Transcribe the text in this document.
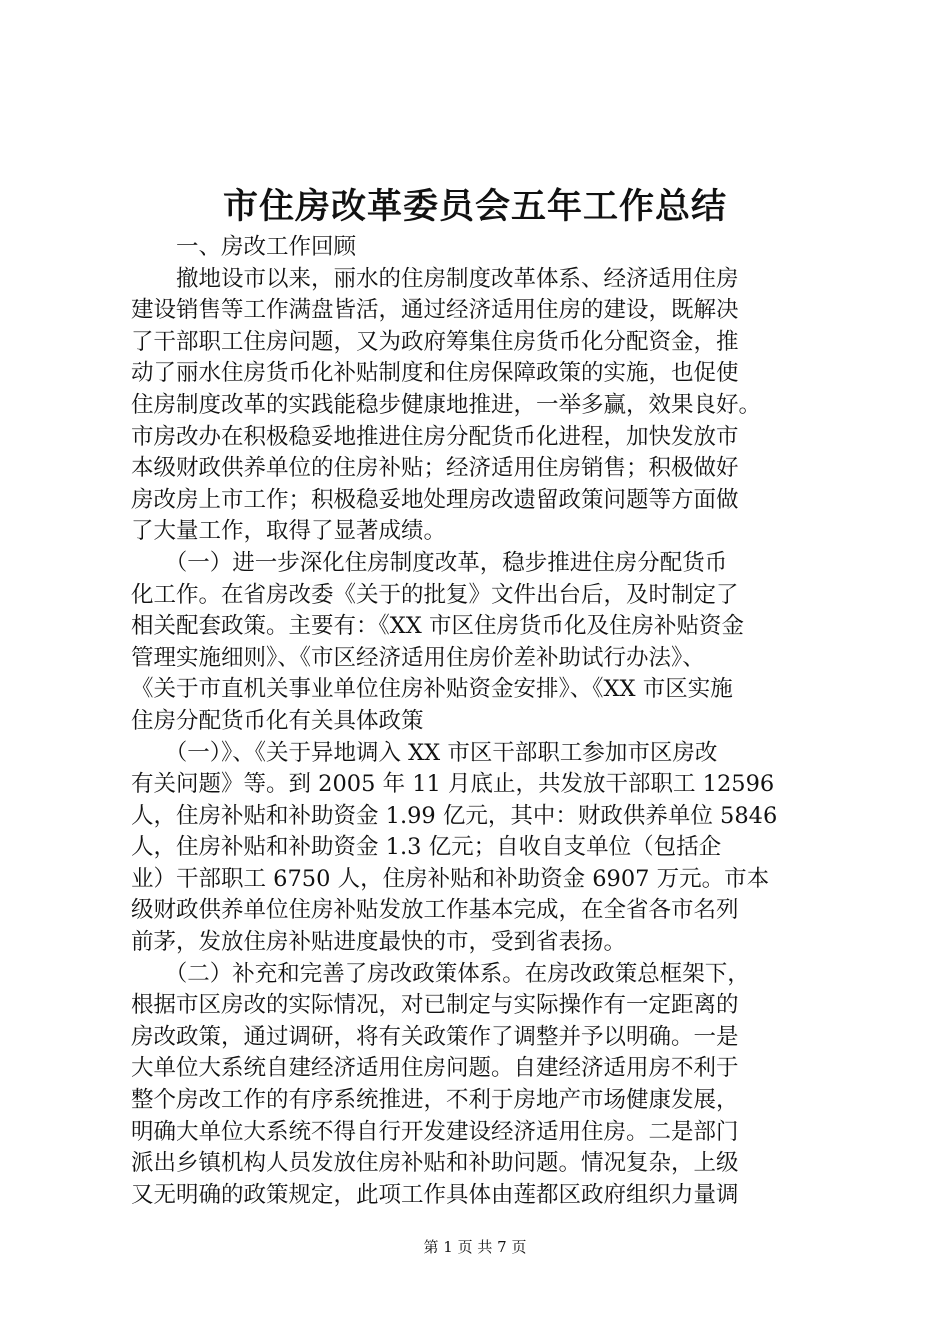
市住房改革委员会五年工作总结
　　一、房改工作回顾
　　撤地设市以来，丽水的住房制度改革体系、经济适用住房
建设销售等工作满盘皆活，通过经济适用住房的建设，既解决
了干部职工住房问题，又为政府筹集住房货币化分配资金，推
动了丽水住房货币化补贴制度和住房保障政策的实施，也促使
住房制度改革的实践能稳步健康地推进，一举多赢，效果良好。
市房改办在积极稳妥地推进住房分配货币化进程，加快发放市
本级财政供养单位的住房补贴；经济适用住房销售；积极做好
房改房上市工作；积极稳妥地处理房改遗留政策问题等方面做
了大量工作，取得了显著成绩。
　　（一）进一步深化住房制度改革，稳步推进住房分配货币
化工作。在省房改委《关于的批复》文件出台后，及时制定了
相关配套政策。主要有：《XX 市区住房货币化及住房补贴资金
管理实施细则》、《市区经济适用住房价差补助试行办法》、
《关于市直机关事业单位住房补贴资金安排》、《XX 市区实施
住房分配货币化有关具体政策
　　（一）》、《关于异地调入 XX 市区干部职工参加市区房改
有关问题》等。到 2005 年 11 月底止，共发放干部职工 12596
人，住房补贴和补助资金 1.99 亿元，其中：财政供养单位 5846
人，住房补贴和补助资金 1.3 亿元；自收自支单位（包括企
业）干部职工 6750 人，住房补贴和补助资金 6907 万元。市本
级财政供养单位住房补贴发放工作基本完成，在全省各市名列
前茅，发放住房补贴进度最快的市，受到省表扬。
　　（二）补充和完善了房改政策体系。在房改政策总框架下，
根据市区房改的实际情况，对已制定与实际操作有一定距离的
房改政策，通过调研，将有关政策作了调整并予以明确。一是
大单位大系统自建经济适用住房问题。自建经济适用房不利于
整个房改工作的有序系统推进，不利于房地产市场健康发展，
明确大单位大系统不得自行开发建设经济适用住房。二是部门
派出乡镇机构人员发放住房补贴和补助问题。情况复杂，上级
又无明确的政策规定，此项工作具体由莲都区政府组织力量调
第 1 页 共 7 页
